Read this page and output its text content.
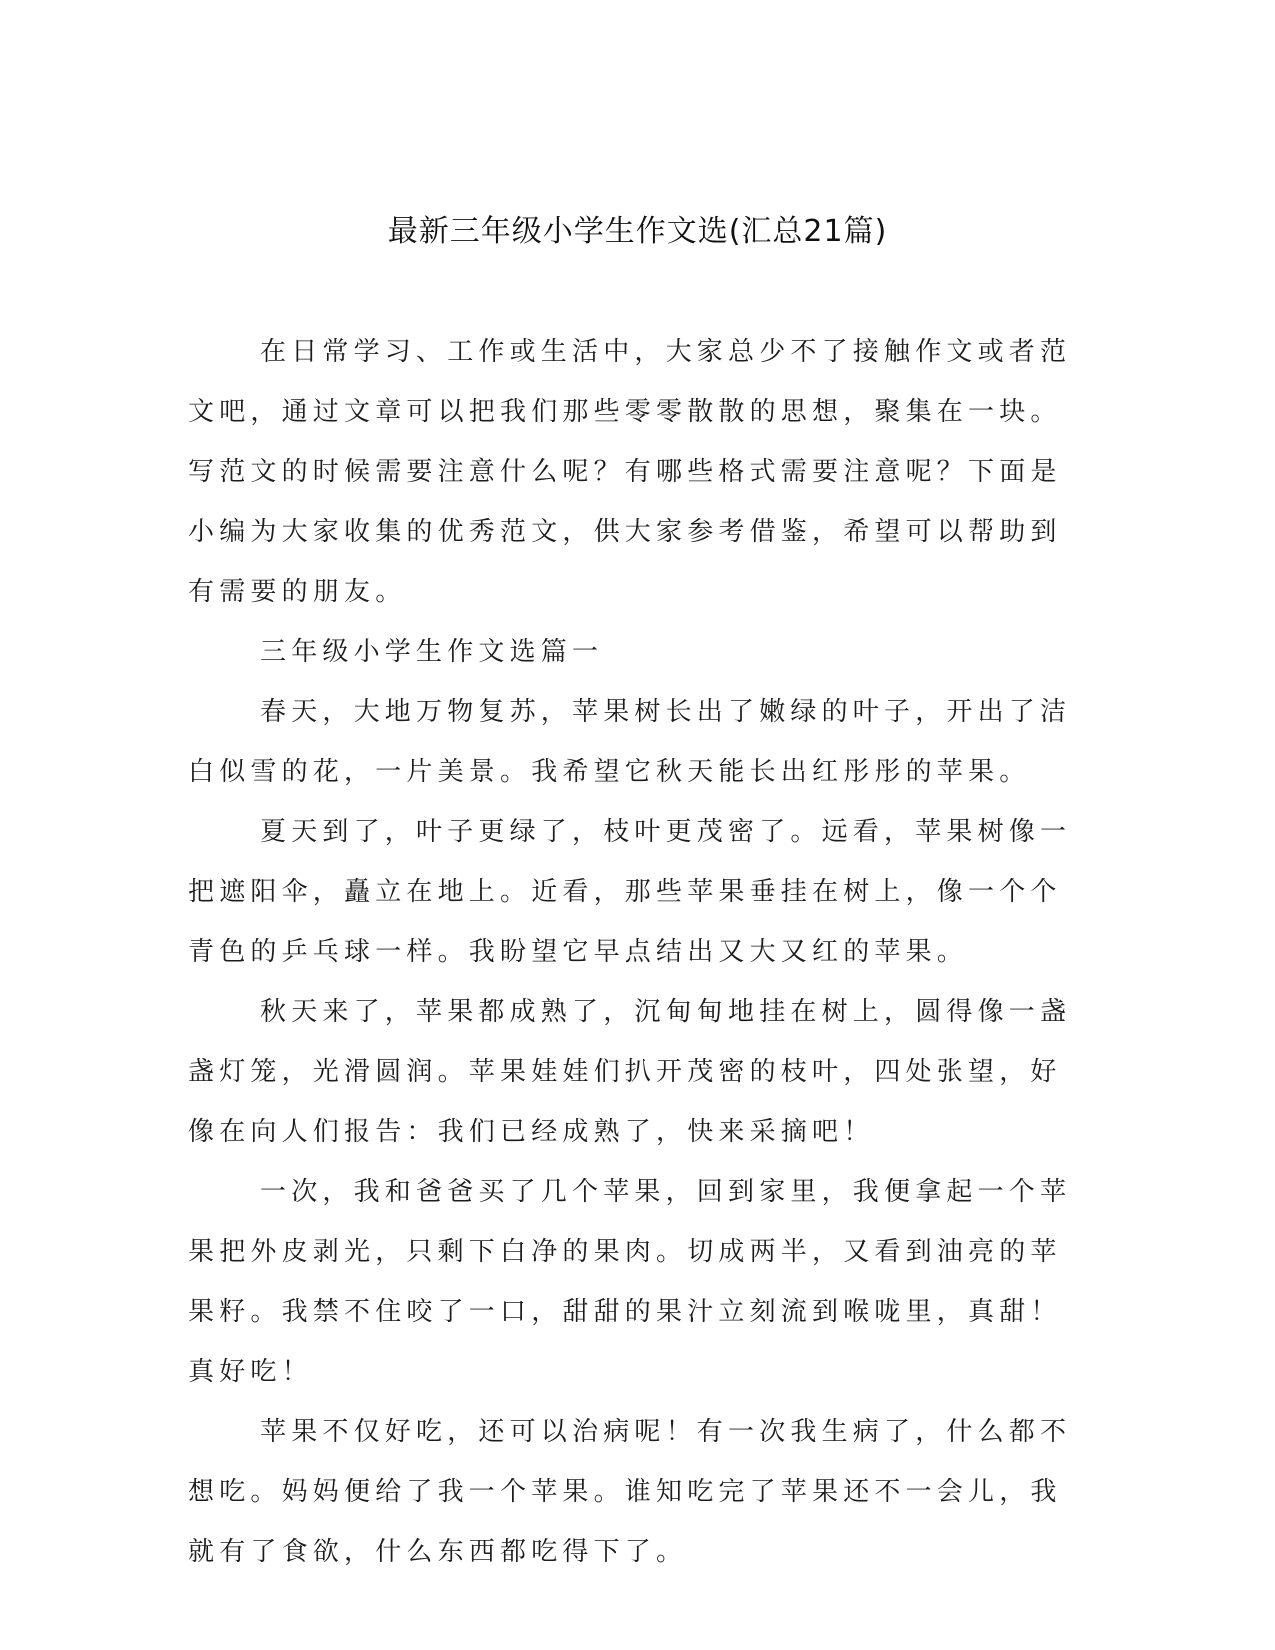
最新三年级小学生作文选(汇总21篇)

在日常学习、工作或生活中，大家总少不了接触作文或者范文吧，通过文章可以把我们那些零零散散的思想，聚集在一块。写范文的时候需要注意什么呢？有哪些格式需要注意呢？下面是小编为大家收集的优秀范文，供大家参考借鉴，希望可以帮助到有需要的朋友。

三年级小学生作文选篇一

春天，大地万物复苏，苹果树长出了嫩绿的叶子，开出了洁白似雪的花，一片美景。我希望它秋天能长出红彤彤的苹果。

夏天到了，叶子更绿了，枝叶更茂密了。远看，苹果树像一把遮阳伞，矗立在地上。近看，那些苹果垂挂在树上，像一个个青色的乒乓球一样。我盼望它早点结出又大又红的苹果。

秋天来了，苹果都成熟了，沉甸甸地挂在树上，圆得像一盏盏灯笼，光滑圆润。苹果娃娃们扒开茂密的枝叶，四处张望，好像在向人们报告：我们已经成熟了，快来采摘吧！

一次，我和爸爸买了几个苹果，回到家里，我便拿起一个苹果把外皮剥光，只剩下白净的果肉。切成两半，又看到油亮的苹果籽。我禁不住咬了一口，甜甜的果汁立刻流到喉咙里，真甜！真好吃！

苹果不仅好吃，还可以治病呢！有一次我生病了，什么都不想吃。妈妈便给了我一个苹果。谁知吃完了苹果还不一会儿，我就有了食欲，什么东西都吃得下了。
